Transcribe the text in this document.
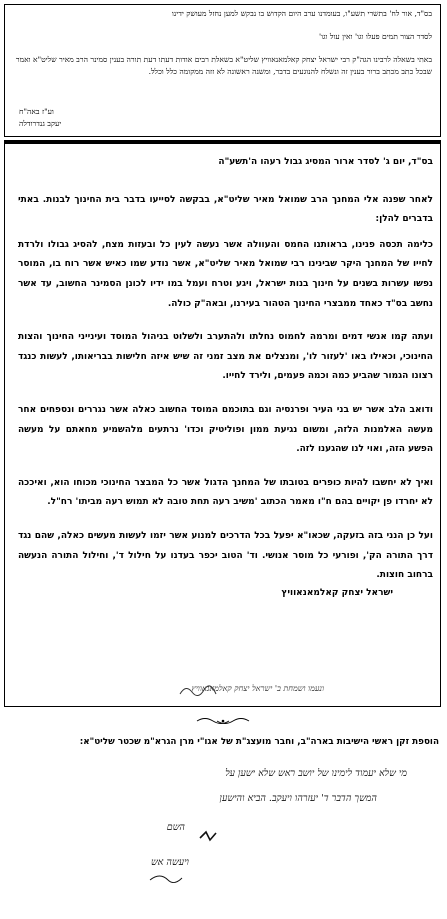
בס"ד, אור לח' בתשרי תשע"ו, בעומדנו ערב היום הקדוש בו נבקש למען נחזל מעושק ידינו

לסדר הצור תמים פעלו וגו' ואין עול וגו'

באתי בשאלה לרבינו הגה"ק רבי ישראל יצחק קאלמאנאוויץ שליט"א בשאלת רבים אודות דעתו דעת תורה בענין סמינר הרב מאיר שליט"א ואמר שבכל כתב מכתב ברור בענין זה ונשלח להנוגעים בדבר, ומשנה ראשונה לא זזה ממקומה כלל וכלל.

וע"ז באה"ח
יעקב גנדרודלה

בס"ד, יום ג' לסדר ארור המסיג גבול רעהו ה'תשע"ה

לאחר שפנה אלי המחנך הרב שמואל מאיר שליט"א, בבקשה לסייעו בדבר בית החינוך לבנות. באתי בדברים להלן:

כלימה תכסה פנינו, בראותנו החמס והעוולה אשר נעשה לעין כל ובעזות מצח, להסיג גבולו ולרדת לחייו של המחנך היקר שבינינו רבי שמואל מאיר שליט"א, אשר נודע שמו כאיש אשר רוח בו, המוסר נפשו עשרות בשנים על חינוך בנות ישראל, ויגע וטרח ועמל במו ידיו לכונן הסמינר החשוב, עד אשר נחשב בס"ד כאחד ממבצרי החינוך הטהור בעירנו, ובאה"ק כולה.

ועתה קמו אנשי דמים ומרמה לחמוס נחלתו ולהתערב ולשלוט בניהול המוסד ועינייני החינוך והצות החינוכי, וכאילו באו 'לעזור לו', ומנצלים את מצב זמני זה שיש איזה חלישות בבריאותו, לעשות כנגד רצונו הגמור שהביע כמה וכמה פעמים, ולירד לחייו.

ודואב הלב אשר יש בני העיר ופרנסיה וגם בתוכמם המוסד החשוב כאלה אשר נגררים ונספחים אחר מעשה האלמנות הלזה, ומשום נגיעת ממון ופוליטיק וכדו' נרתעים מלהשמיע מחאתם על מעשה הפשע הזה, ואוי לנו שהגענו לזה.

ואיך לא יחשבו להיות כופרים בטובתו של המחנך הדגול אשר כל המבצר החינוכי מכוחו הוא, ואיככה לא יחרדו פן יקויים בהם ח"ו מאמר הכתוב 'משיב רעה תחת טובה לא תמוש רעה מביתו' רח"ל.

ועל כן הנני בזה בזעקה, שכאו"א יפעל בכל הדרכים למנוע אשר יזמו לעשות מעשים כאלה, שהם נגד דרך התורה הק', ופורעי כל מוסר אנושי. וד' הטוב יכפר בעדנו על חילול ד', וחילול התורה הנעשה ברחוב חוצות.

ישראל יצחק קאלמאנאוויץ

ונעמו ושמחת ב' ישראל יצחק קאלמאנאוויץ
הוספת זקן ראשי הישיבות בארה"ב, וחבר מועצג"ת של אגו"י מרן הגרא"מ שכטר שליט"א:
מי שלא יעמוד לימינו של יושב ראש שלא ישען על
המשך הדבר ד' יעזרהו ויעקב. הביא והישען
השם
ויעשה אש
